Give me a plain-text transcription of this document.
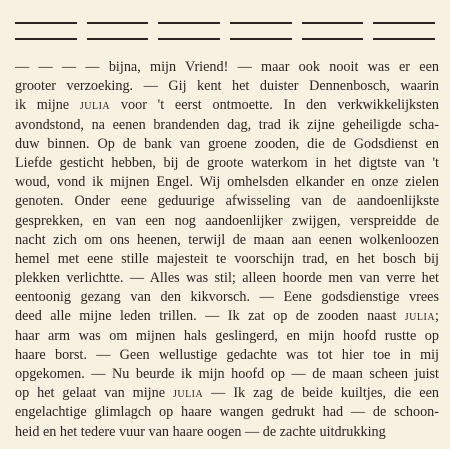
— — — — bijna, mijn Vriend! — maar ook nooit was er een
grooter verzoeking. — Gij kent het duister Dennenbosch, waarin
ik mijne julia voor 't eerst ontmoette. In den verkwikkelijksten
avondstond, na eenen brandenden dag, trad ik zijne geheiligde scha-
duw binnen. Op de bank van groene zooden, die de Godsdienst en
Liefde gesticht hebben, bij de groote waterkom in het digtste van 't
woud, vond ik mijnen Engel. Wij omhelsden elkander en onze zielen
genoten. Onder eene geduurige afwisseling van de aandoenlijkste
gesprekken, en van een nog aandoenlijker zwijgen, verspreidde de
nacht zich om ons heenen, terwijl de maan aan eenen wolkenloozen
hemel met eene stille majesteit te voorschijn trad, en het bosch bij
plekken verlichtte. — Alles was stil; alleen hoorde men van verre het
eentoonig gezang van den kikvorsch. — Eene godsdienstige vrees
deed alle mijne leden trillen. — Ik zat op de zooden naast julia;
haar arm was om mijnen hals geslingerd, en mijn hoofd rustte op
haare borst. — Geen wellustige gedachte was tot hier toe in mij
opgekomen. — Nu beurde ik mijn hoofd op — de maan scheen juist
op het gelaat van mijne julia — Ik zag de beide kuiltjes, die een
engelachtige glimlagch op haare wangen gedrukt had — de schoon-
heid en het tedere vuur van haare oogen — de zachte uitdrukking
